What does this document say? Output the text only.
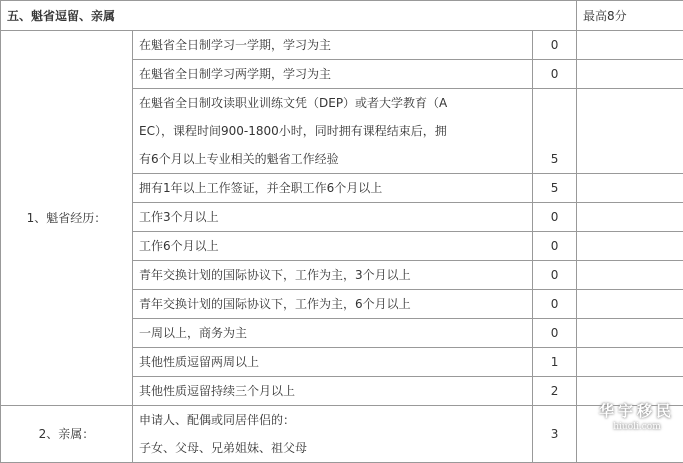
五、魁省逗留、亲属			最高8分
1、魁省经历：	在魁省全日制学习一学期，学习为主	0	
	在魁省全日制学习两学期，学习为主	0	

	在魁省全日制攻读职业训练文凭（DEP）或者大学教育（A
EC），课程时间900-1800小时，同时拥有课程结束后，拥
有6个月以上专业相关的魁省工作经验	5	
	拥有1年以上工作签证，并全职工作6个月以上	5	
	工作3个月以上	0	
	工作6个月以上	0	
	青年交换计划的国际协议下，工作为主，3个月以上	0	
	青年交换计划的国际协议下，工作为主，6个月以上	0	
	一周以上，商务为主	0	
	其他性质逗留两周以上	1	
	其他性质逗留持续三个月以上	2	
2、亲属：	申请人、配偶或同居伴侣的：
子女、父母、兄弟姐妹、祖父母	3	
华宇移民
hiuoli.com
